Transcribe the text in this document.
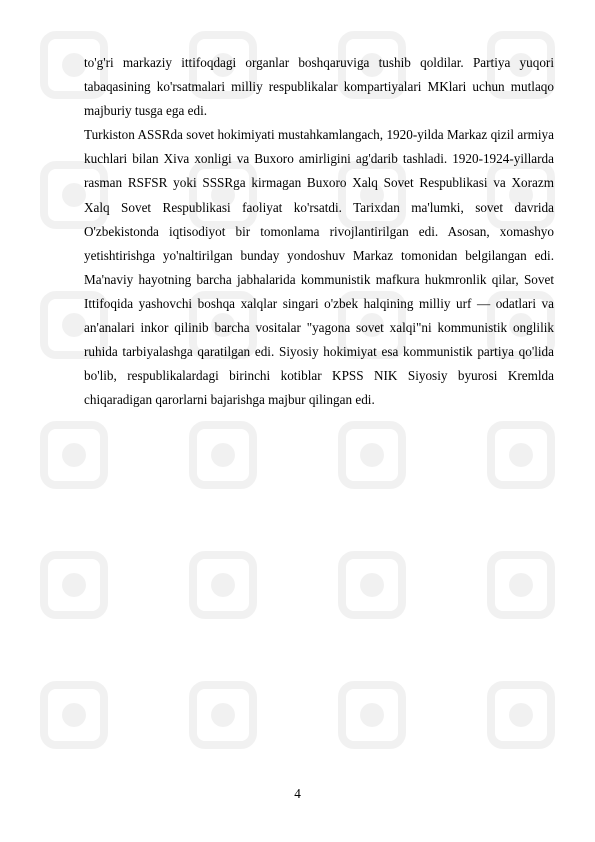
to'g'ri markaziy ittifoqdagi organlar boshqaruviga tushib qoldilar. Partiya yuqori tabaqasining ko'rsatmalari milliy respublikalar kompartiyalari MKlari uchun mutlaqo majburiy tusga ega edi.

Turkiston ASSRda sovet hokimiyati mustahkamlangach, 1920-yilda Markaz qizil armiya kuchlari bilan Xiva xonligi va Buxoro amirligini ag'darib tashladi. 1920-1924-yillarda rasman RSFSR yoki SSSRga kirmagan Buxoro Xalq Sovet Respublikasi va Xorazm Xalq Sovet Respublikasi faoliyat ko'rsatdi. Tarixdan ma'lumki, sovet davrida O'zbekistonda iqtisodiyot bir tomonlama rivojlantirilgan edi. Asosan, xomashyo yetishtirishga yo'naltirilgan bunday yondoshuv Markaz tomonidan belgilangan edi. Ma'naviy hayotning barcha jabhalarida kommunistik mafkura hukmronlik qilar, Sovet Ittifoqida yashovchi boshqa xalqlar singari o'zbek halqining milliy urf — odatlari va an'analari inkor qilinib barcha vositalar "yagona sovet xalqi"ni kommunistik onglilik ruhida tarbiyalashga qaratilgan edi. Siyosiy hokimiyat esa kommunistik partiya qo'lida bo'lib, respublikalardagi birinchi kotiblar KPSS NIK Siyosiy byurosi Kremlda chiqaradigan qarorlarni bajarishga majbur qilingan edi.

4
